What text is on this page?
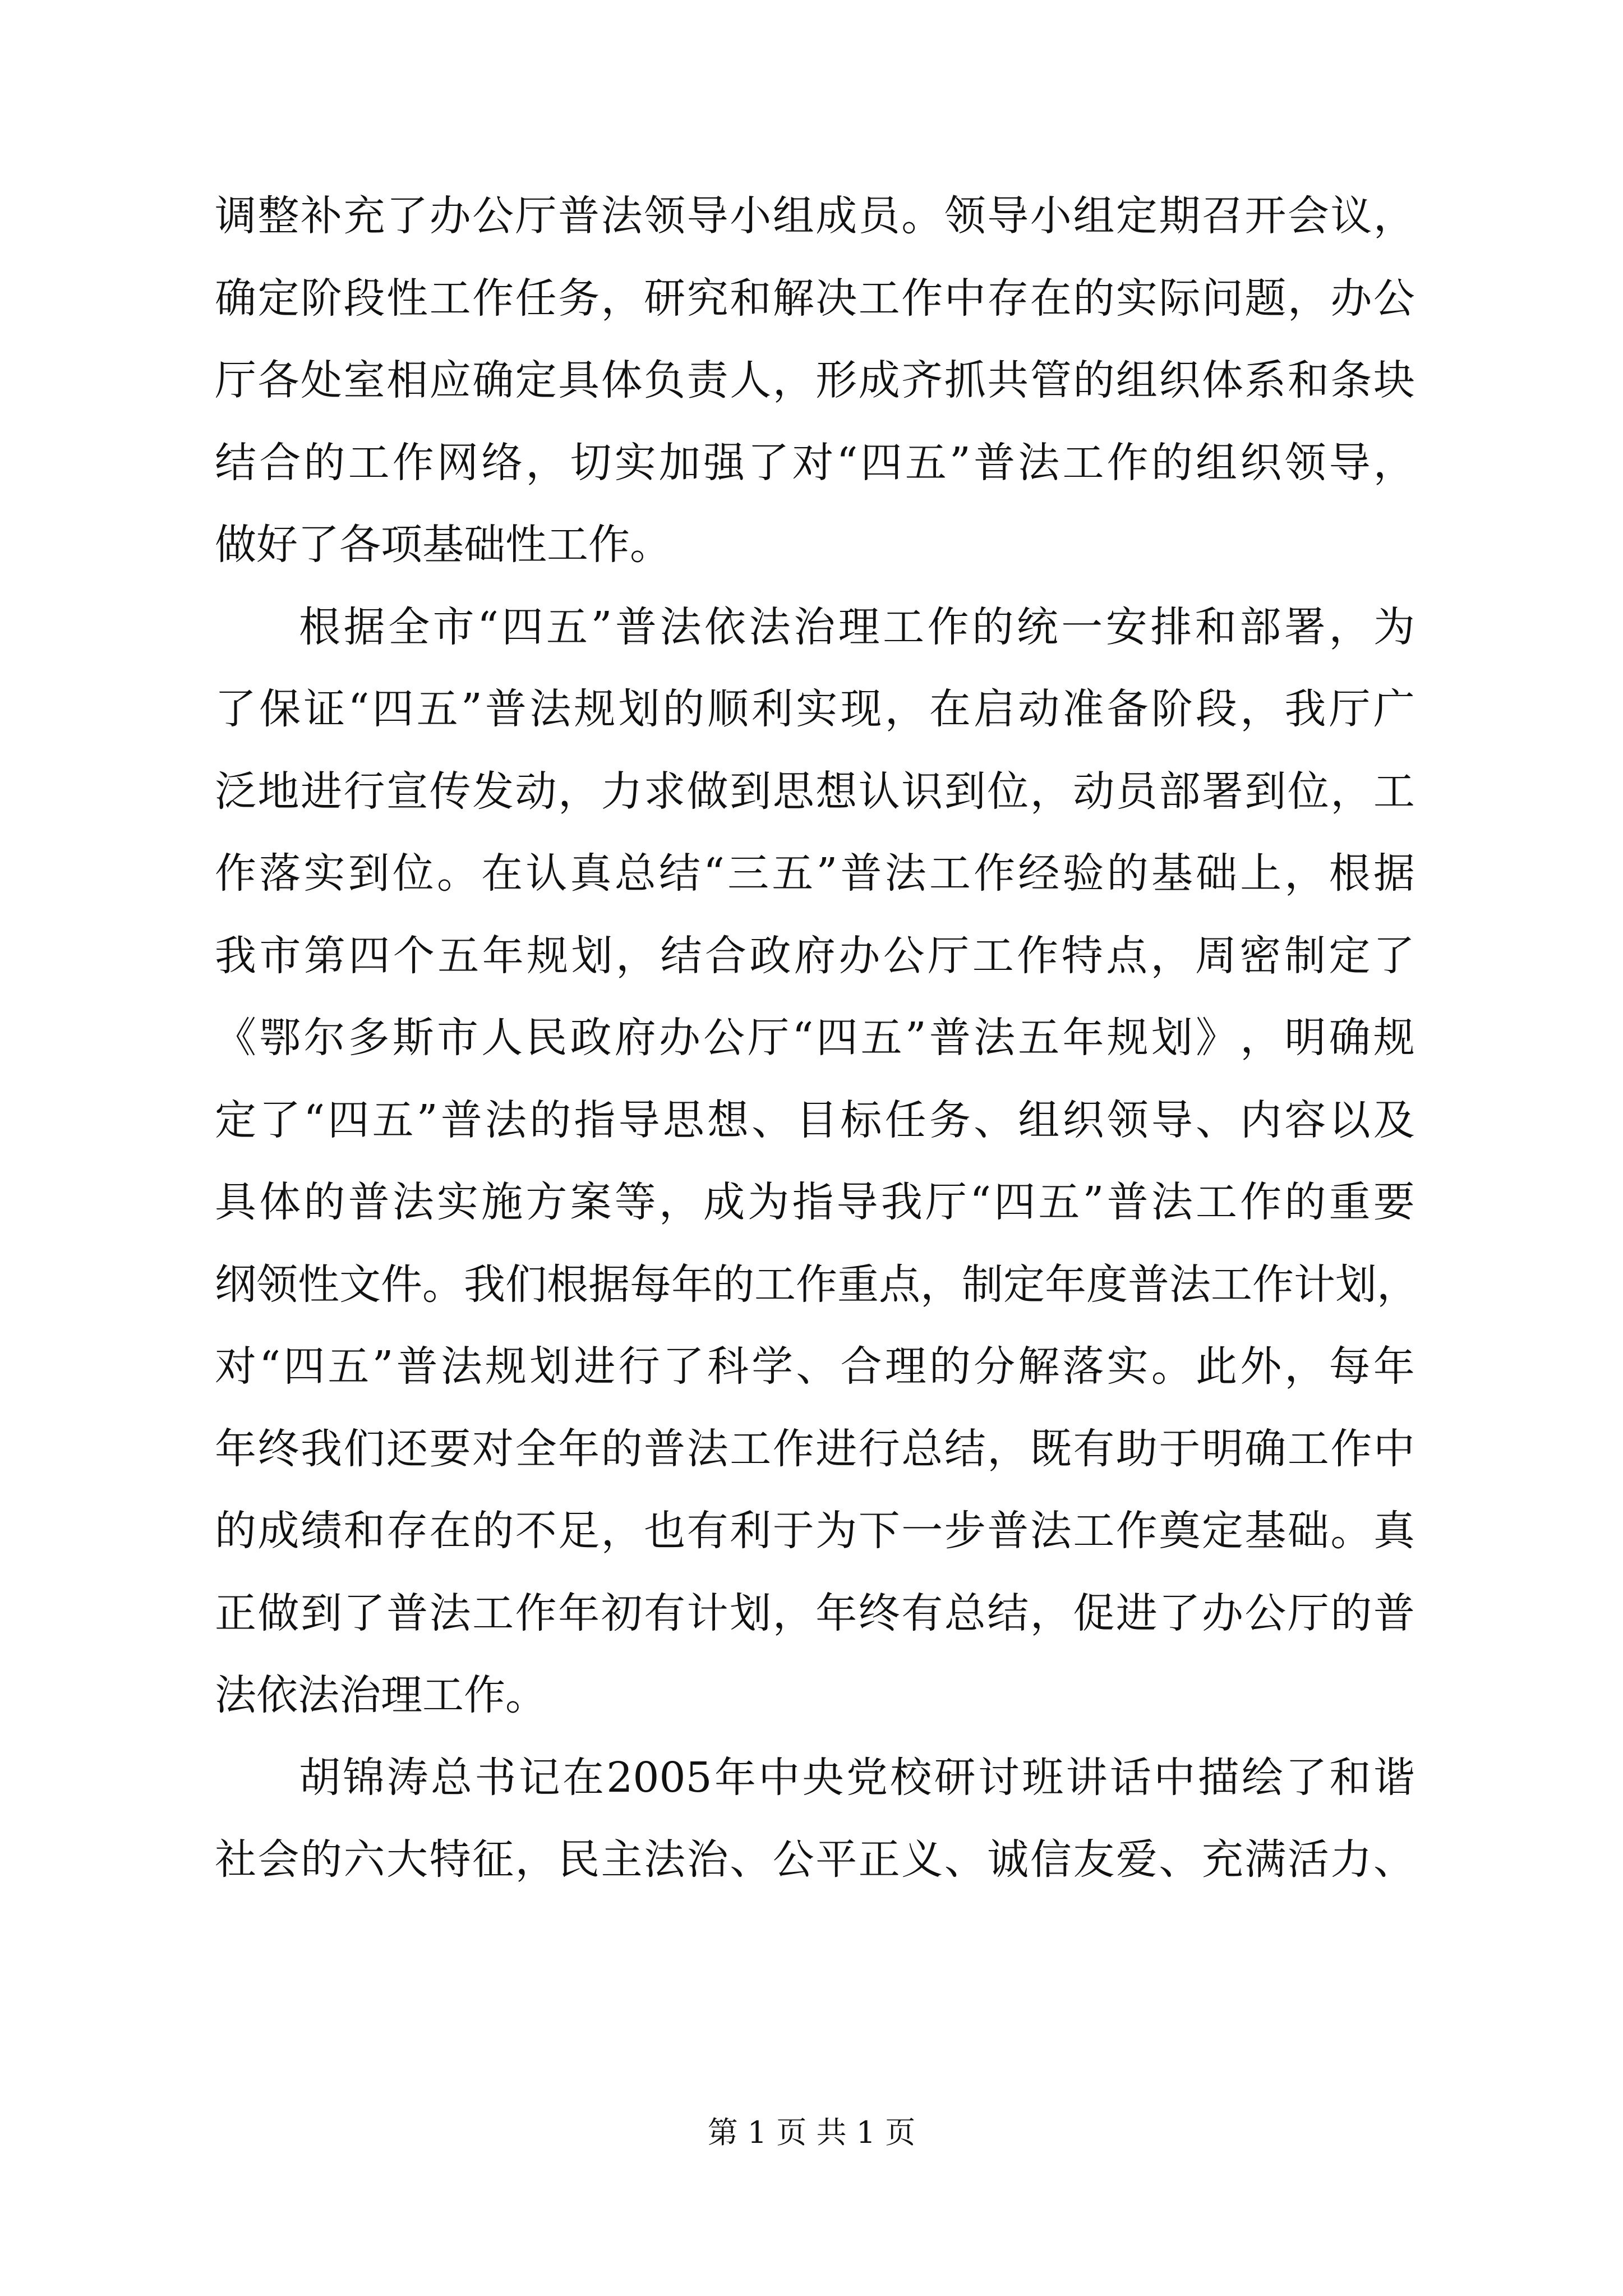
调 整 补 充 了 办 公 厅 普 法 领 导 小 组 成 员 。 领 导 小 组 定 期 召 开 会 议 ，
确 定 阶 段 性 工 作 任 务 ， 研 究 和 解 决 工 作 中 存 在 的 实 际 问 题 ， 办 公
厅 各 处 室 相 应 确 定 具 体 负 责 人 ， 形 成 齐 抓 共 管 的 组 织 体 系 和 条 块
结 合 的 工 作 网 络 ， 切 实 加 强 了 对 “ 四 五 ” 普 法 工 作 的 组 织 领 导 ，
做 好 了 各 项 基 础 性 工 作 。
根 据 全 市 “ 四 五 ” 普 法 依 法 治 理 工 作 的 统 一 安 排 和 部 署 ， 为
了 保 证 “ 四 五 ” 普 法 规 划 的 顺 利 实 现 ， 在 启 动 准 备 阶 段 ， 我 厅 广
泛 地 进 行 宣 传 发 动 ， 力 求 做 到 思 想 认 识 到 位 ， 动 员 部 署 到 位 ， 工
作 落 实 到 位 。 在 认 真 总 结 “ 三 五 ” 普 法 工 作 经 验 的 基 础 上 ， 根 据
我 市 第 四 个 五 年 规 划 ， 结 合 政 府 办 公 厅 工 作 特 点 ， 周 密 制 定 了
《 鄂 尔 多 斯 市 人 民 政 府 办 公 厅 “ 四 五 ” 普 法 五 年 规 划 》 ， 明 确 规
定 了 “ 四 五 ” 普 法 的 指 导 思 想 、 目 标 任 务 、 组 织 领 导 、 内 容 以 及
具 体 的 普 法 实 施 方 案 等 ， 成 为 指 导 我 厅 “ 四 五 ” 普 法 工 作 的 重 要
纲 领 性 文 件 。 我 们 根 据 每 年 的 工 作 重 点 ， 制 定 年 度 普 法 工 作 计 划 ，
对 “ 四 五 ” 普 法 规 划 进 行 了 科 学 、 合 理 的 分 解 落 实 。 此 外 ， 每 年
年 终 我 们 还 要 对 全 年 的 普 法 工 作 进 行 总 结 ， 既 有 助 于 明 确 工 作 中
的 成 绩 和 存 在 的 不 足 ， 也 有 利 于 为 下 一 步 普 法 工 作 奠 定 基 础 。 真
正 做 到 了 普 法 工 作 年 初 有 计 划 ， 年 终 有 总 结 ， 促 进 了 办 公 厅 的 普
法 依 法 治 理 工 作 。
胡 锦 涛 总 书 记 在 2005 年 中 央 党 校 研 讨 班 讲 话 中 描 绘 了 和 谐
社 会 的 六 大 特 征 ， 民 主 法 治 、 公 平 正 义 、 诚 信 友 爱 、 充 满 活 力 、
第 1 页 共 1 页
